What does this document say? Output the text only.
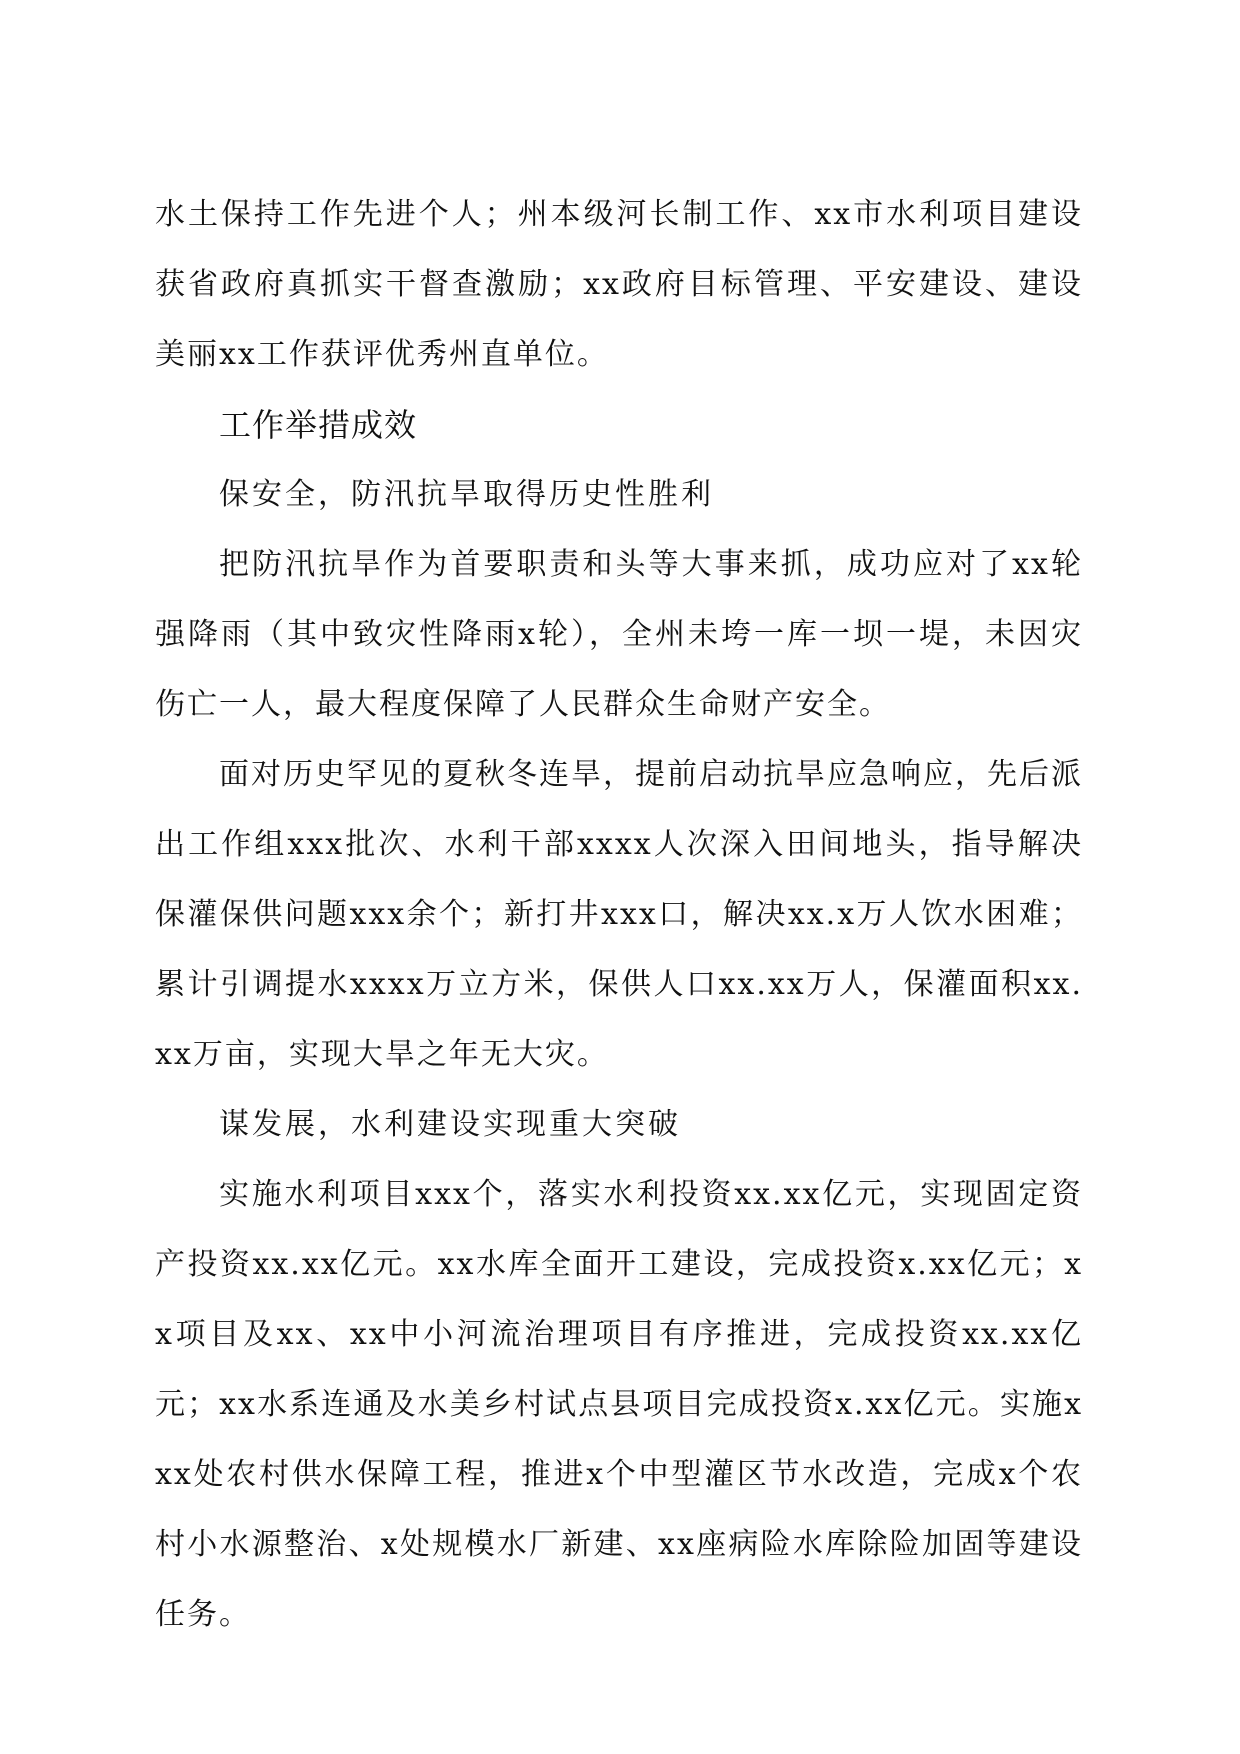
水土保持工作先进个人；州本级河长制工作、xx市水利项目建设获省政府真抓实干督查激励；xx政府目标管理、平安建设、建设美丽xx工作获评优秀州直单位。

工作举措成效
保安全，防汛抗旱取得历史性胜利

把防汛抗旱作为首要职责和头等大事来抓，成功应对了xx轮强降雨（其中致灾性降雨x轮），全州未垮一库一坝一堤，未因灾伤亡一人，最大程度保障了人民群众生命财产安全。

面对历史罕见的夏秋冬连旱，提前启动抗旱应急响应，先后派出工作组xxx批次、水利干部xxxx人次深入田间地头，指导解决保灌保供问题xxx余个；新打井xxx口，解决xx.x万人饮水困难；累计引调提水xxxx万立方米，保供人口xx.xx万人，保灌面积xx.xx万亩，实现大旱之年无大灾。

谋发展，水利建设实现重大突破

实施水利项目xxx个，落实水利投资xx.xx亿元，实现固定资产投资xx.xx亿元。xx水库全面开工建设，完成投资x.xx亿元；xx项目及xx、xx中小河流治理项目有序推进，完成投资xx.xx亿元；xx水系连通及水美乡村试点县项目完成投资x.xx亿元。实施xxx处农村供水保障工程，推进x个中型灌区节水改造，完成x个农村小水源整治、x处规模水厂新建、xx座病险水库除险加固等建设任务。
